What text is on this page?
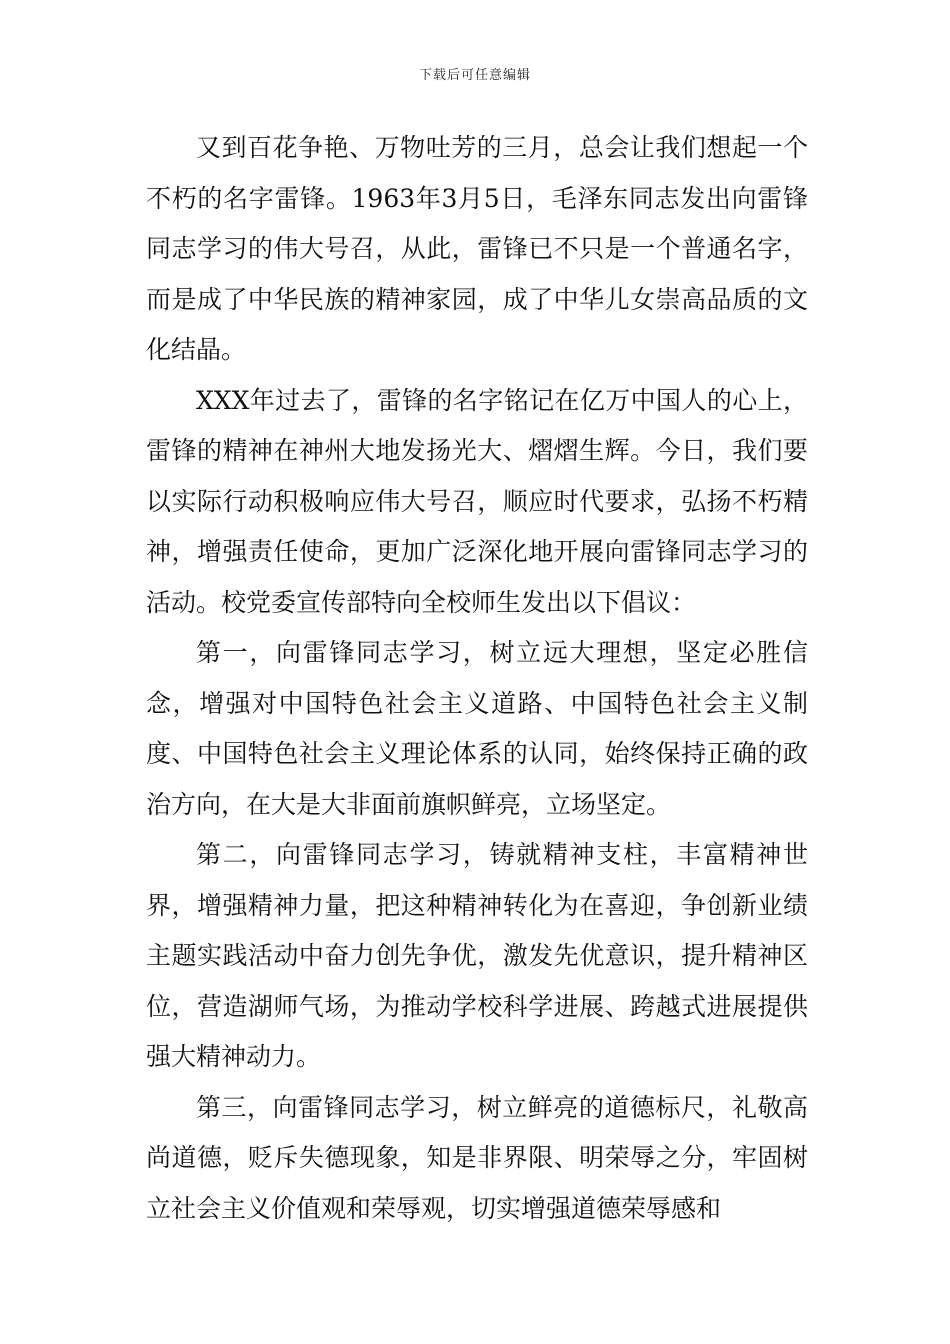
下载后可任意编辑

又到百花争艳、万物吐芳的三月，总会让我们想起一个不朽的名字雷锋。1963年3月5日，毛泽东同志发出向雷锋同志学习的伟大号召，从此，雷锋已不只是一个普通名字，而是成了中华民族的精神家园，成了中华儿女崇高品质的文化结晶。

XXX年过去了，雷锋的名字铭记在亿万中国人的心上，雷锋的精神在神州大地发扬光大、熠熠生辉。今日，我们要以实际行动积极响应伟大号召，顺应时代要求，弘扬不朽精神，增强责任使命，更加广泛深化地开展向雷锋同志学习的活动。校党委宣传部特向全校师生发出以下倡议：

第一，向雷锋同志学习，树立远大理想，坚定必胜信念，增强对中国特色社会主义道路、中国特色社会主义制度、中国特色社会主义理论体系的认同，始终保持正确的政治方向，在大是大非面前旗帜鲜亮，立场坚定。

第二，向雷锋同志学习，铸就精神支柱，丰富精神世界，增强精神力量，把这种精神转化为在喜迎，争创新业绩主题实践活动中奋力创先争优，激发先优意识，提升精神区位，营造湖师气场，为推动学校科学进展、跨越式进展提供强大精神动力。

第三，向雷锋同志学习，树立鲜亮的道德标尺，礼敬高尚道德，贬斥失德现象，知是非界限、明荣辱之分，牢固树立社会主义价值观和荣辱观，切实增强道德荣辱感和
